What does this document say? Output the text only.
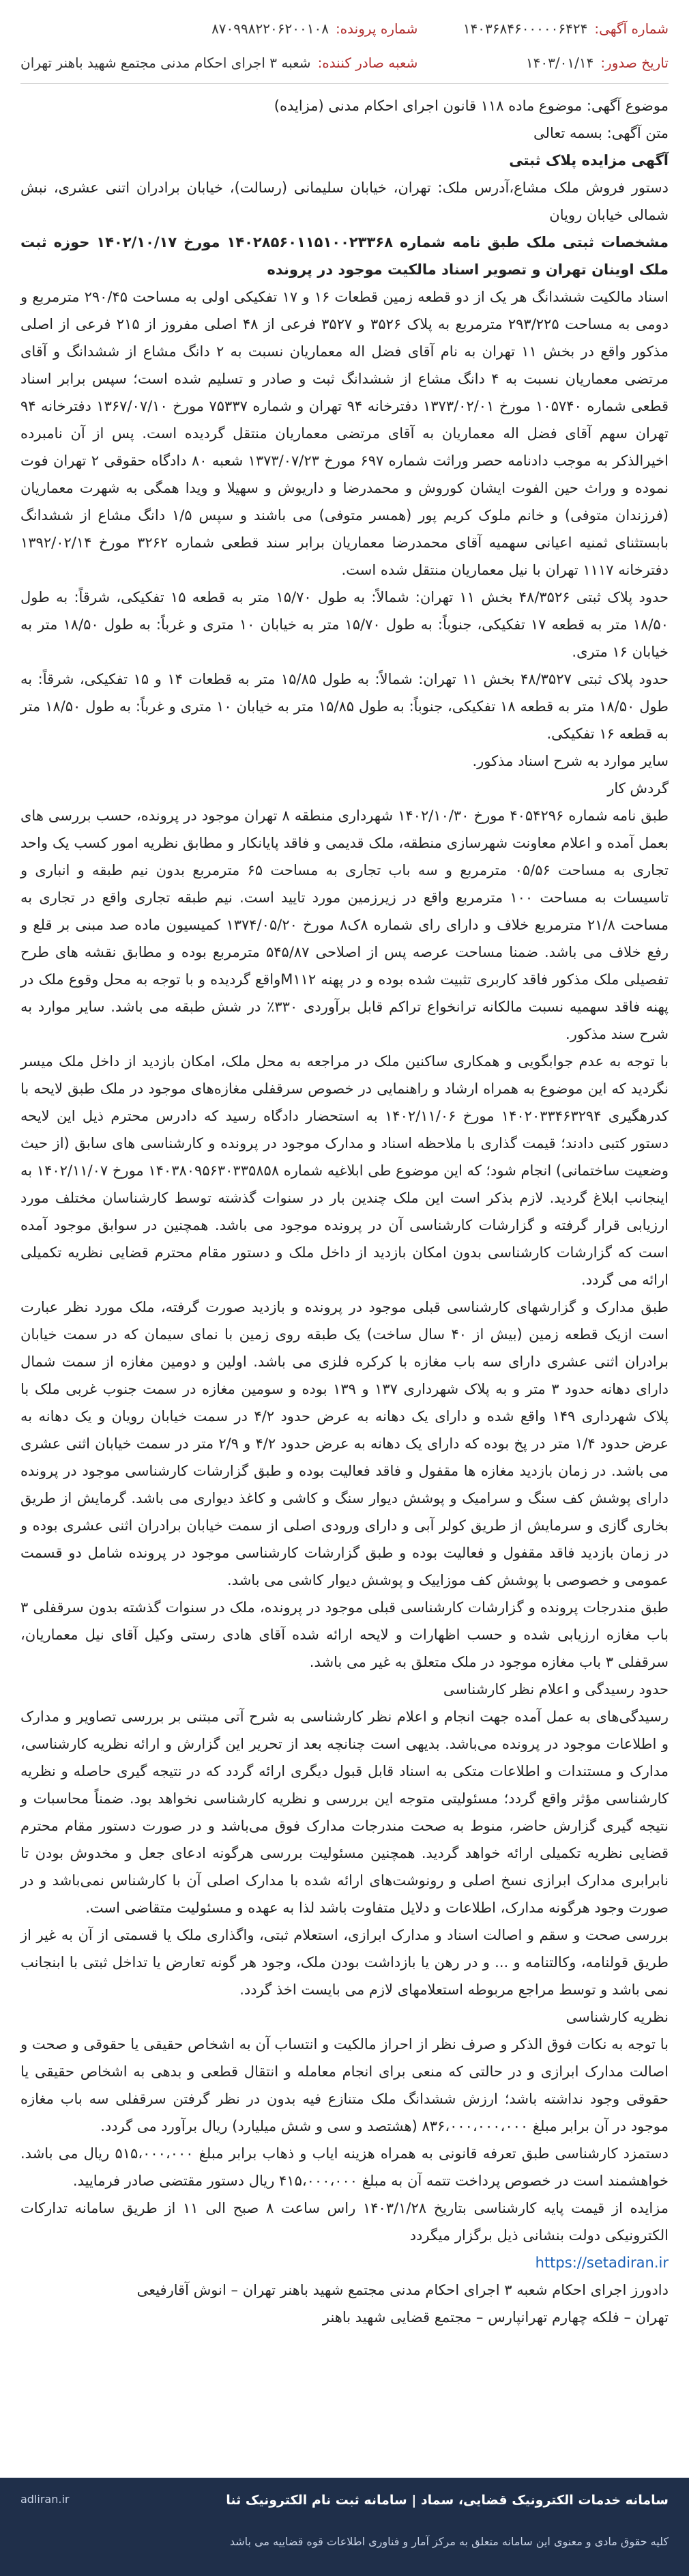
شماره آگهی:
۱۴۰۳۶۸۴۶۰۰۰۰۰۶۴۲۴
تاریخ صدور:
۱۴۰۳/۰۱/۱۴
شماره پرونده:
۸۷۰۹۹۸۲۲۰۶۲۰۰۱۰۸
شعبه صادر کننده:
شعبه ۳ اجرای احکام مدنی مجتمع شهید باهنر تهران

موضوع آگهی: موضوع ماده ۱۱۸ قانون اجرای احکام مدنی (مزایده)

متن آگهی: بسمه تعالی

آگهی مزایده پلاک ثبتی

دستور فروش ملک مشاع،آدرس ملک: تهران، خیابان سلیمانی (رسالت)، خیابان برادران اتنی عشری، نبش شمالی خیابان رویان

مشخصات ثبتی ملک طبق نامه شماره ۱۴۰۲۸۵۶۰۱۱۵۱۰۰۲۳۳۶۸ مورخ ۱۴۰۲/۱۰/۱۷ حوزه ثبت ملک اوینان تهران و تصویر اسناد مالکیت موجود در پرونده

اسناد مالکیت ششدانگ هر یک از دو قطعه زمین قطعات ۱۶ و ۱۷ تفکیکی اولی به مساحت ۲۹۰/۴۵ مترمربع و دومی به مساحت ۲۹۳/۲۲۵ مترمربع به پلاک ۳۵۲۶ و ۳۵۲۷ فرعی از ۴۸ اصلی مفروز از ۲۱۵ فرعی از اصلی مذکور واقع در بخش ۱۱ تهران به نام آقای فضل اله معماریان نسبت به ۲ دانگ مشاع از ششدانگ و آقای مرتضی معماریان نسبت به ۴ دانگ مشاع از ششدانگ ثبت و صادر و تسلیم شده است؛ سپس برابر اسناد قطعی شماره ۱۰۵۷۴۰ مورخ ۱۳۷۳/۰۲/۰۱ دفترخانه ۹۴ تهران و شماره ۷۵۳۳۷ مورخ ۱۳۶۷/۰۷/۱۰ دفترخانه ۹۴ تهران سهم آقای فضل اله معماریان به آقای مرتضی معماریان منتقل گردیده است. پس از آن نامبرده اخیرالذکر به موجب دادنامه حصر وراثت شماره ۶۹۷ مورخ ۱۳۷۳/۰۷/۲۳ شعبه ۸۰ دادگاه حقوقی ۲ تهران فوت نموده و وراث حین الفوت ایشان کوروش و محمدرضا و داریوش و سهیلا و ویدا همگی به شهرت معماریان (فرزندان متوفی) و خانم ملوک کریم پور (همسر متوفی) می باشند و سپس ۱/۵ دانگ مشاع از ششدانگ بابستثنای ثمنیه اعیانی سهمیه آقای محمدرضا معماریان برابر سند قطعی شماره ۳۲۶۲ مورخ ۱۳۹۲/۰۲/۱۴ دفترخانه ۱۱۱۷ تهران با نیل معماریان منتقل شده است.

حدود پلاک ثبتی ۴۸/۳۵۲۶ بخش ۱۱ تهران: شمالاً: به طول ۱۵/۷۰ متر به قطعه ۱۵ تفکیکی، شرقاً: به طول ۱۸/۵۰ متر به قطعه ۱۷ تفکیکی، جنوباً: به طول ۱۵/۷۰ متر به خیابان ۱۰ متری و غرباً: به طول ۱۸/۵۰ متر به خیابان ۱۶ متری.

حدود پلاک ثبتی ۴۸/۳۵۲۷ بخش ۱۱ تهران: شمالاً: به طول ۱۵/۸۵ متر به قطعات ۱۴ و ۱۵ تفکیکی، شرقاً: به طول ۱۸/۵۰ متر به قطعه ۱۸ تفکیکی، جنوباً: به طول ۱۵/۸۵ متر به خیابان ۱۰ متری و غرباً: به طول ۱۸/۵۰ متر به قطعه ۱۶ تفکیکی.

سایر موارد به شرح اسناد مذکور.

گردش کار

طبق نامه شماره ۴۰۵۴۲۹۶ مورخ ۱۴۰۲/۱۰/۳۰ شهرداری منطقه ۸ تهران موجود در پرونده، حسب بررسی های بعمل آمده و اعلام معاونت شهرسازی منطقه، ملک قدیمی و فاقد پایانکار و مطابق نظریه امور کسب یک واحد تجاری به مساحت ۰۵/۵۶ مترمربع و سه باب تجاری به مساحت ۶۵ مترمربع بدون نیم طبقه و انباری و تاسیسات به مساحت ۱۰۰ مترمربع واقع در زیرزمین مورد تایید است. نیم طبقه تجاری واقع در تجاری به مساحت ۲۱/۸ مترمربع خلاف و دارای رای شماره ۸ک۸ مورخ ۱۳۷۴/۰۵/۲۰ کمیسیون ماده صد مبنی بر قلع و رفع خلاف می باشد. ضمنا مساحت عرصه پس از اصلاحی ۵۴۵/۸۷ مترمربع بوده و مطابق نقشه های طرح تفصیلی ملک مذکور فاقد کاربری تثبیت شده بوده و در پهنه M۱۱۲واقع گردیده و با توجه به محل وقوع ملک در پهنه فاقد سهمیه نسبت مالکانه ترانخواع تراکم قابل برآوردی ۳۳۰٪ در شش طبقه می باشد. سایر موارد به شرح سند مذکور.

با توجه به عدم جوابگویی و همکاری ساکنین ملک در مراجعه به محل ملک، امکان بازدید از داخل ملک میسر نگردید که این موضوع به همراه ارشاد و راهنمایی در خصوص سرقفلی مغازه‌های موجود در ملک طبق لایحه با کدرهگیری ۱۴۰۲۰۳۳۴۶۳۲۹۴ مورخ ۱۴۰۲/۱۱/۰۶ به استحضار دادگاه رسید که دادرس محترم ذیل این لایحه دستور کتبی دادند؛ قیمت گذاری با ملاحظه اسناد و مدارک موجود در پرونده و کارشناسی های سابق (از حیث وضعیت ساختمانی) انجام شود؛ که این موضوع طی ابلاغیه شماره ۱۴۰۳۸۰۹۵۶۳۰۳۳۵۸۵۸ مورخ ۱۴۰۲/۱۱/۰۷ به اینجانب ابلاغ گردید. لازم بذکر است این ملک چندین بار در سنوات گذشته توسط کارشناسان مختلف مورد ارزیابی قرار گرفته و گزارشات کارشناسی آن در پرونده موجود می باشد. همچنین در سوابق موجود آمده است که گزارشات کارشناسی بدون امکان بازدید از داخل ملک و دستور مقام محترم قضایی نظریه تکمیلی ارائه می گردد.

طبق مدارک و گزارشهای کارشناسی قبلی موجود در پرونده و بازدید صورت گرفته، ملک مورد نظر عبارت است ازیک قطعه زمین (بیش از ۴۰ سال ساخت) یک طبقه روی زمین با نمای سیمان که در سمت خیابان برادران اثنی عشری دارای سه باب مغازه با کرکره فلزی می باشد. اولین و دومین مغازه از سمت شمال دارای دهانه حدود ۳ متر و به پلاک شهرداری ۱۳۷ و ۱۳۹ بوده و سومین مغازه در سمت جنوب غربی ملک با پلاک شهرداری ۱۴۹ واقع شده و دارای یک دهانه به عرض حدود ۴/۲ در سمت خیابان رویان و یک دهانه به عرض حدود ۱/۴ متر در پخ بوده که دارای یک دهانه به عرض حدود ۴/۲ و ۲/۹ متر در سمت خیابان اثنی عشری می باشد. در زمان بازدید مغازه ها مقفول و فاقد فعالیت بوده و طبق گزارشات کارشناسی موجود در پرونده دارای پوشش کف سنگ و سرامیک و پوشش دیوار سنگ و کاشی و کاغذ دیواری می باشد. گرمایش از طریق بخاری گازی و سرمایش از طریق کولر آبی و دارای ورودی اصلی از سمت خیابان برادران اثنی عشری بوده و در زمان بازدید فاقد مقفول و فعالیت بوده و طبق گزارشات کارشناسی موجود در پرونده شامل دو قسمت عمومی و خصوصی با پوشش کف موزاییک و پوشش دیوار کاشی می باشد.

طبق مندرجات پرونده و گزارشات کارشناسی قبلی موجود در پرونده، ملک در سنوات گذشته بدون سرقفلی ۳ باب مغازه ارزیابی شده و حسب اظهارات و لایحه ارائه شده آقای هادی رستی وکیل آقای نیل معماریان، سرقفلی ۳ باب مغازه موجود در ملک متعلق به غیر می باشد.

حدود رسیدگی و اعلام نظر کارشناسی

رسیدگی‌های به عمل آمده جهت انجام و اعلام نظر کارشناسی به شرح آتی مبتنی بر بررسی تصاویر و مدارک و اطلاعات موجود در پرونده می‌باشد. بدیهی است چنانچه بعد از تحریر این گزارش و ارائه نظریه کارشناسی، مدارک و مستندات و اطلاعات متکی به اسناد قابل قبول دیگری ارائه گردد که در نتیجه گیری حاصله و نظریه کارشناسی مؤثر واقع گردد؛ مسئولیتی متوجه این بررسی و نظریه کارشناسی نخواهد بود. ضمناً محاسبات و نتیجه گیری گزارش حاضر، منوط به صحت مندرجات مدارک فوق می‌باشد و در صورت دستور مقام محترم قضایی نظریه تکمیلی ارائه خواهد گردید. همچنین مسئولیت بررسی هرگونه ادعای جعل و مخدوش بودن تا نابرابری مدارک ابرازی نسخ اصلی و رونوشت‌های ارائه شده با مدارک اصلی آن با کارشناس نمی‌باشد و در صورت وجود هرگونه مدارک، اطلاعات و دلایل متفاوت باشد لذا به عهده و مسئولیت متقاضی است.

بررسی صحت و سقم و اصالت اسناد و مدارک ابرازی، استعلام ثبتی، واگذاری ملک یا قسمتی از آن به غیر از طریق قولنامه، وکالتنامه و ... و در رهن یا بازداشت بودن ملک، وجود هر گونه تعارض یا تداخل ثبتی با ابنجانب نمی باشد و توسط مراجع مربوطه استعلامهای لازم می بایست اخذ گردد.

نظریه کارشناسی

با توجه به نکات فوق الذکر و صرف نظر از احراز مالکیت و انتساب آن به اشخاص حقیقی یا حقوقی و صحت و اصالت مدارک ابرازی و در حالتی که منعی برای انجام معامله و انتقال قطعی و بدهی به اشخاص حقیقی یا حقوقی وجود نداشته باشد؛ ارزش ششدانگ ملک متنازع فیه بدون در نظر گرفتن سرقفلی سه باب مغازه موجود در آن برابر مبلغ ۸۳۶،۰۰۰،۰۰۰،۰۰۰ (هشتصد و سی و شش میلیارد) ریال برآورد می گردد.

دستمزد کارشناسی طبق تعرفه قانونی به همراه هزینه ایاب و ذهاب برابر مبلغ ۵۱۵،۰۰۰،۰۰۰ ریال می باشد. خواهشمند است در خصوص پرداخت تتمه آن به مبلغ ۴۱۵،۰۰۰،۰۰۰ ریال دستور مقتضی صادر فرمایید.

مزایده از قیمت پایه کارشناسی بتاریخ ۱۴۰۳/۱/۲۸ راس ساعت ۸ صبح الی ۱۱ از طریق سامانه تدارکات الکترونیکی دولت بنشانی ذیل برگزار میگردد

https://setadiran.ir

دادورز اجرای احکام شعبه ۳ اجرای احکام مدنی مجتمع شهید باهنر تهران – انوش آقارفیعی

تهران – فلکه چهارم تهرانپارس – مجتمع قضایی شهید باهنر

سامانه خدمات الکترونیک قضایی، سماد | سامانه ثبت نام الکترونیک ثنا
کلیه حقوق مادی و معنوی این سامانه متعلق به مرکز آمار و فناوری اطلاعات قوه قضاییه می باشد
adliran.ir
